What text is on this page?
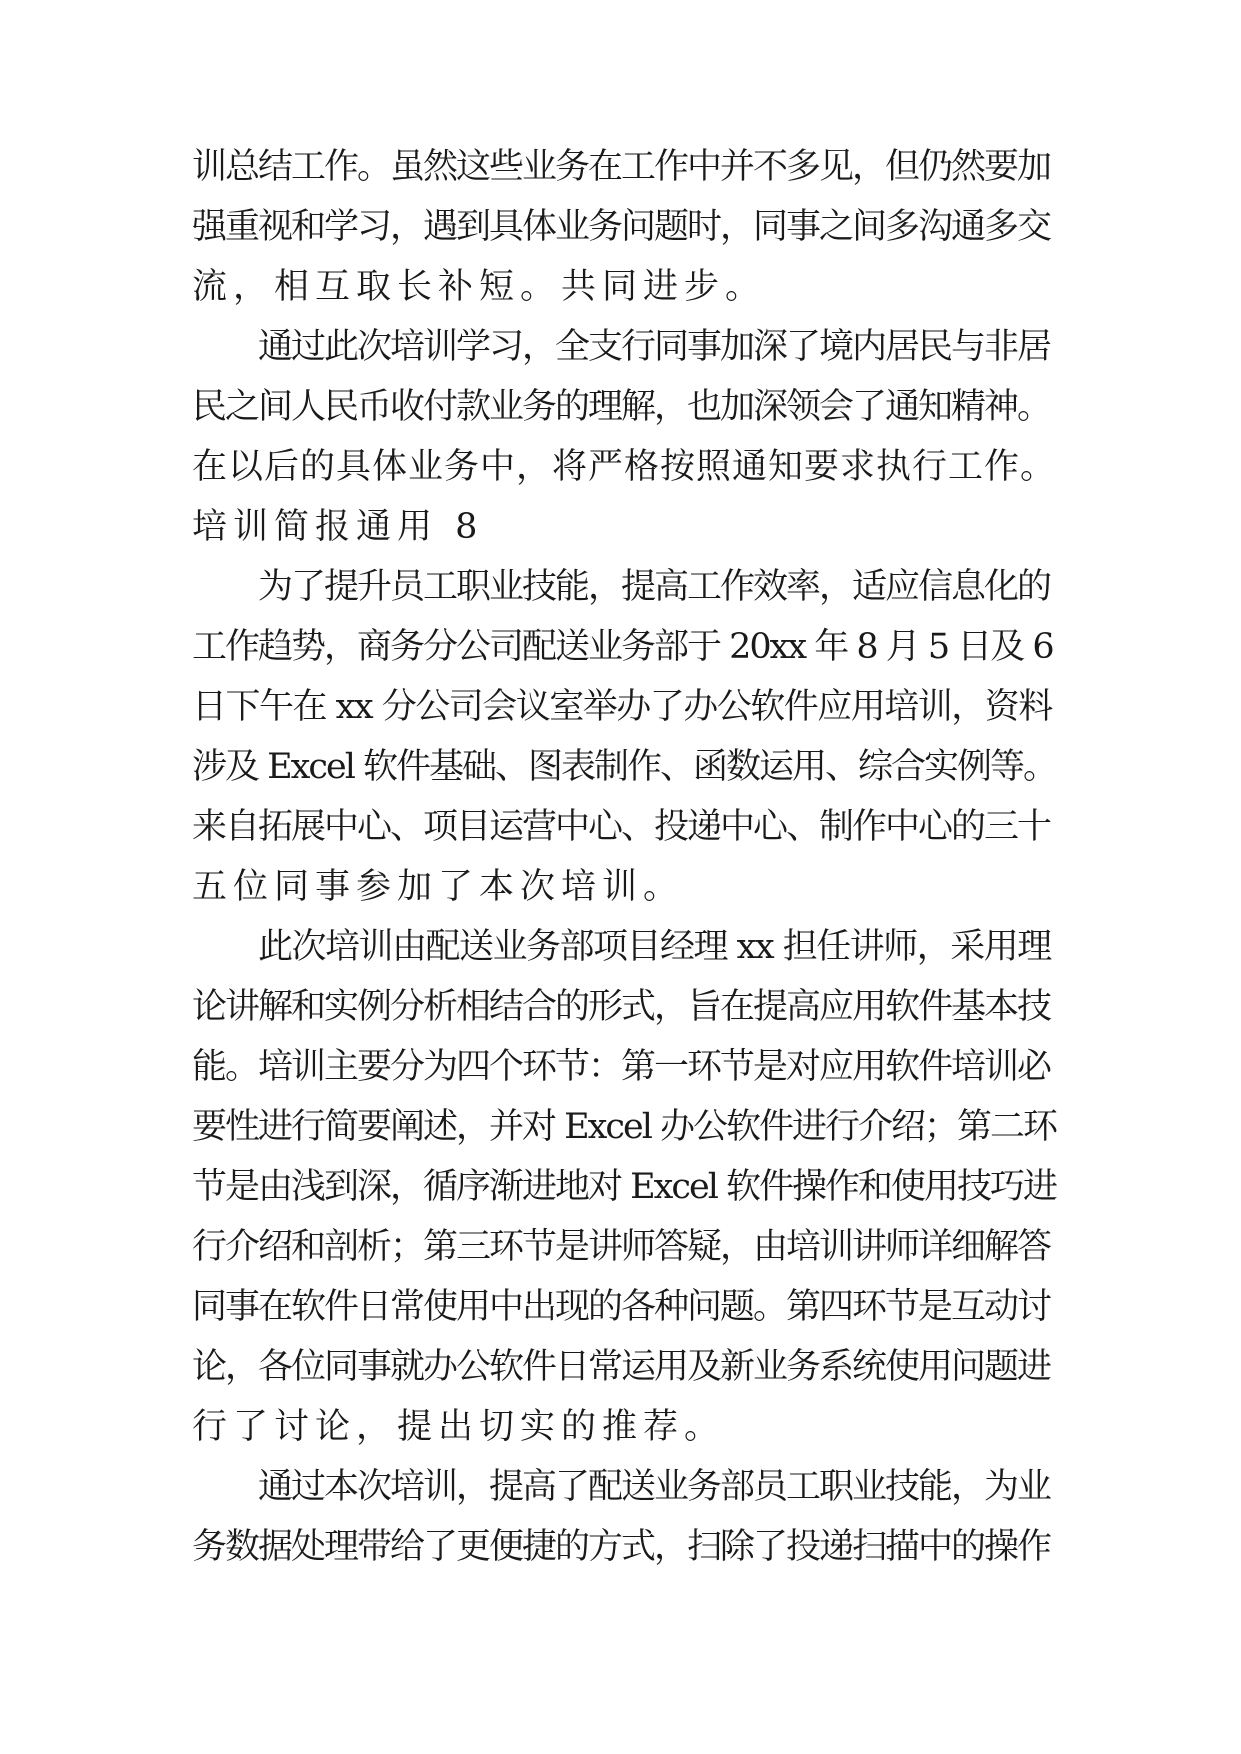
训总结工作。虽然这些业务在工作中并不多见，但仍然要加
强重视和学习，遇到具体业务问题时，同事之间多沟通多交
流，相互取长补短。共同进步。
通过此次培训学习，全支行同事加深了境内居民与非居
民之间人民币收付款业务的理解，也加深领会了通知精神。
在以后的具体业务中，将严格按照通知要求执行工作。
培训简报通用 8
为了提升员工职业技能，提高工作效率，适应信息化的
工作趋势，商务分公司配送业务部于 20xx 年 8 月 5 日及 6
日下午在 xx 分公司会议室举办了办公软件应用培训，资料
涉及 Excel 软件基础、图表制作、函数运用、综合实例等。
来自拓展中心、项目运营中心、投递中心、制作中心的三十
五位同事参加了本次培训。
此次培训由配送业务部项目经理 xx 担任讲师，采用理
论讲解和实例分析相结合的形式，旨在提高应用软件基本技
能。培训主要分为四个环节：第一环节是对应用软件培训必
要性进行简要阐述，并对 Excel 办公软件进行介绍；第二环
节是由浅到深，循序渐进地对 Excel 软件操作和使用技巧进
行介绍和剖析；第三环节是讲师答疑，由培训讲师详细解答
同事在软件日常使用中出现的各种问题。第四环节是互动讨
论，各位同事就办公软件日常运用及新业务系统使用问题进
行了讨论，提出切实的推荐。
通过本次培训，提高了配送业务部员工职业技能，为业
务数据处理带给了更便捷的方式，扫除了投递扫描中的操作
